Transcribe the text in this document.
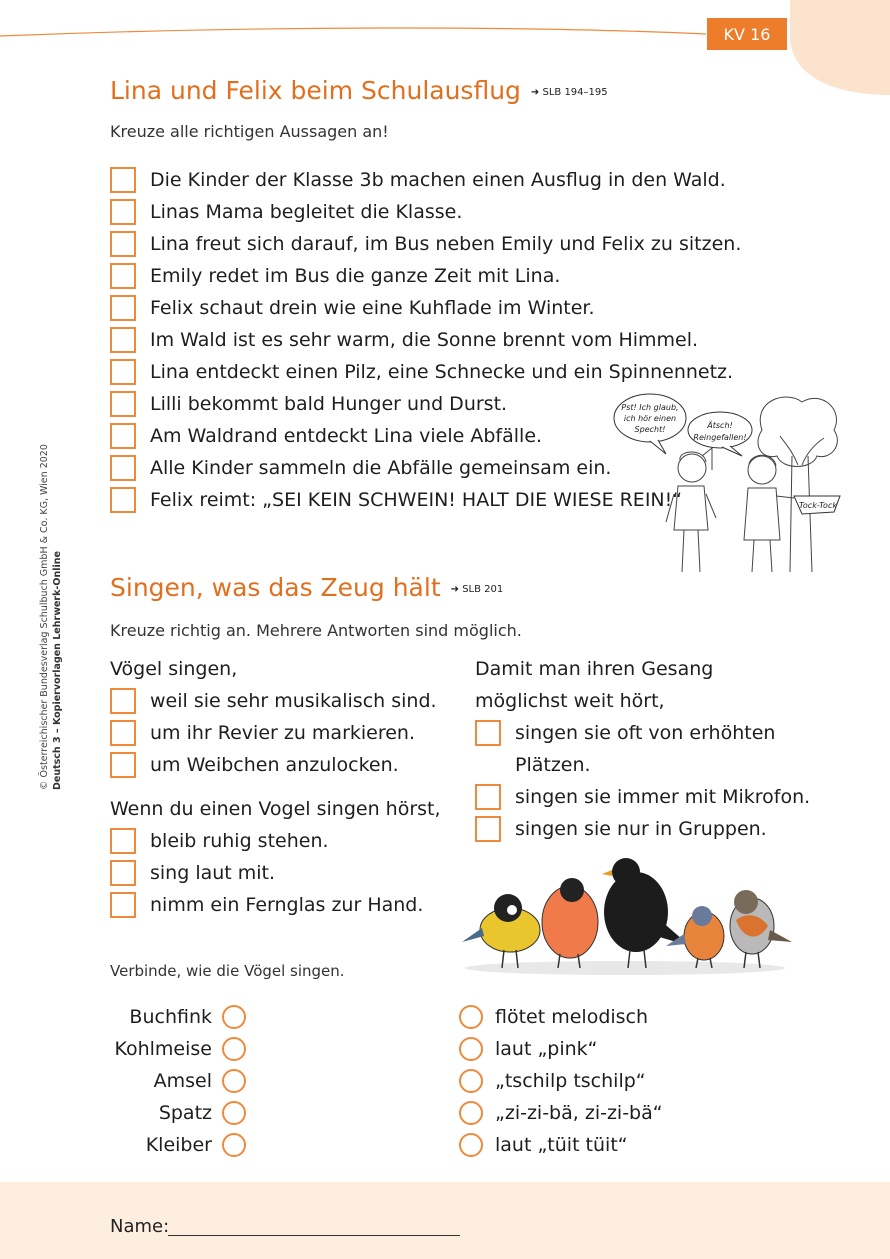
KV 16
© Österreichischer Bundesverlag Schulbuch GmbH & Co. KG, Wien 2020 Deutsch 3 – Kopiervorlagen Lehrwerk-Online
Lina und Felix beim Schulausflug ➜ SLB 194–195
Kreuze alle richtigen Aussagen an!
Die Kinder der Klasse 3b machen einen Ausflug in den Wald.
Linas Mama begleitet die Klasse.
Lina freut sich darauf, im Bus neben Emily und Felix zu sitzen.
Emily redet im Bus die ganze Zeit mit Lina.
Felix schaut drein wie eine Kuhflade im Winter.
Im Wald ist es sehr warm, die Sonne brennt vom Himmel.
Lina entdeckt einen Pilz, eine Schnecke und ein Spinnennetz.
Lilli bekommt bald Hunger und Durst.
Am Waldrand entdeckt Lina viele Abfälle.
Alle Kinder sammeln die Abfälle gemeinsam ein.
Felix reimt: „SEI KEIN SCHWEIN! HALT DIE WIESE REIN!“
Pst! Ich glaub,
ich hör einen
Specht!	Ätsch!
Reingefallen!
Tock-Tock
Singen, was das Zeug hält ➜ SLB 201
Kreuze richtig an. Mehrere Antworten sind möglich.
Vögel singen,
weil sie sehr musikalisch sind.
um ihr Revier zu markieren.
um Weibchen anzulocken.
Wenn du einen Vogel singen hörst,
bleib ruhig stehen.
sing laut mit.
nimm ein Fernglas zur Hand.
Damit man ihren Gesang
möglichst weit hört,
singen sie oft von erhöhten
Plätzen.
singen sie immer mit Mikrofon.
singen sie nur in Gruppen.
Verbinde, wie die Vögel singen.
Buchfink
Kohlmeise
Amsel
Spatz
Kleiber
flötet melodisch
laut „pink“
„tschilp tschilp“
„zi-zi-bä, zi-zi-bä“
laut „tüit tüit“
Name:
